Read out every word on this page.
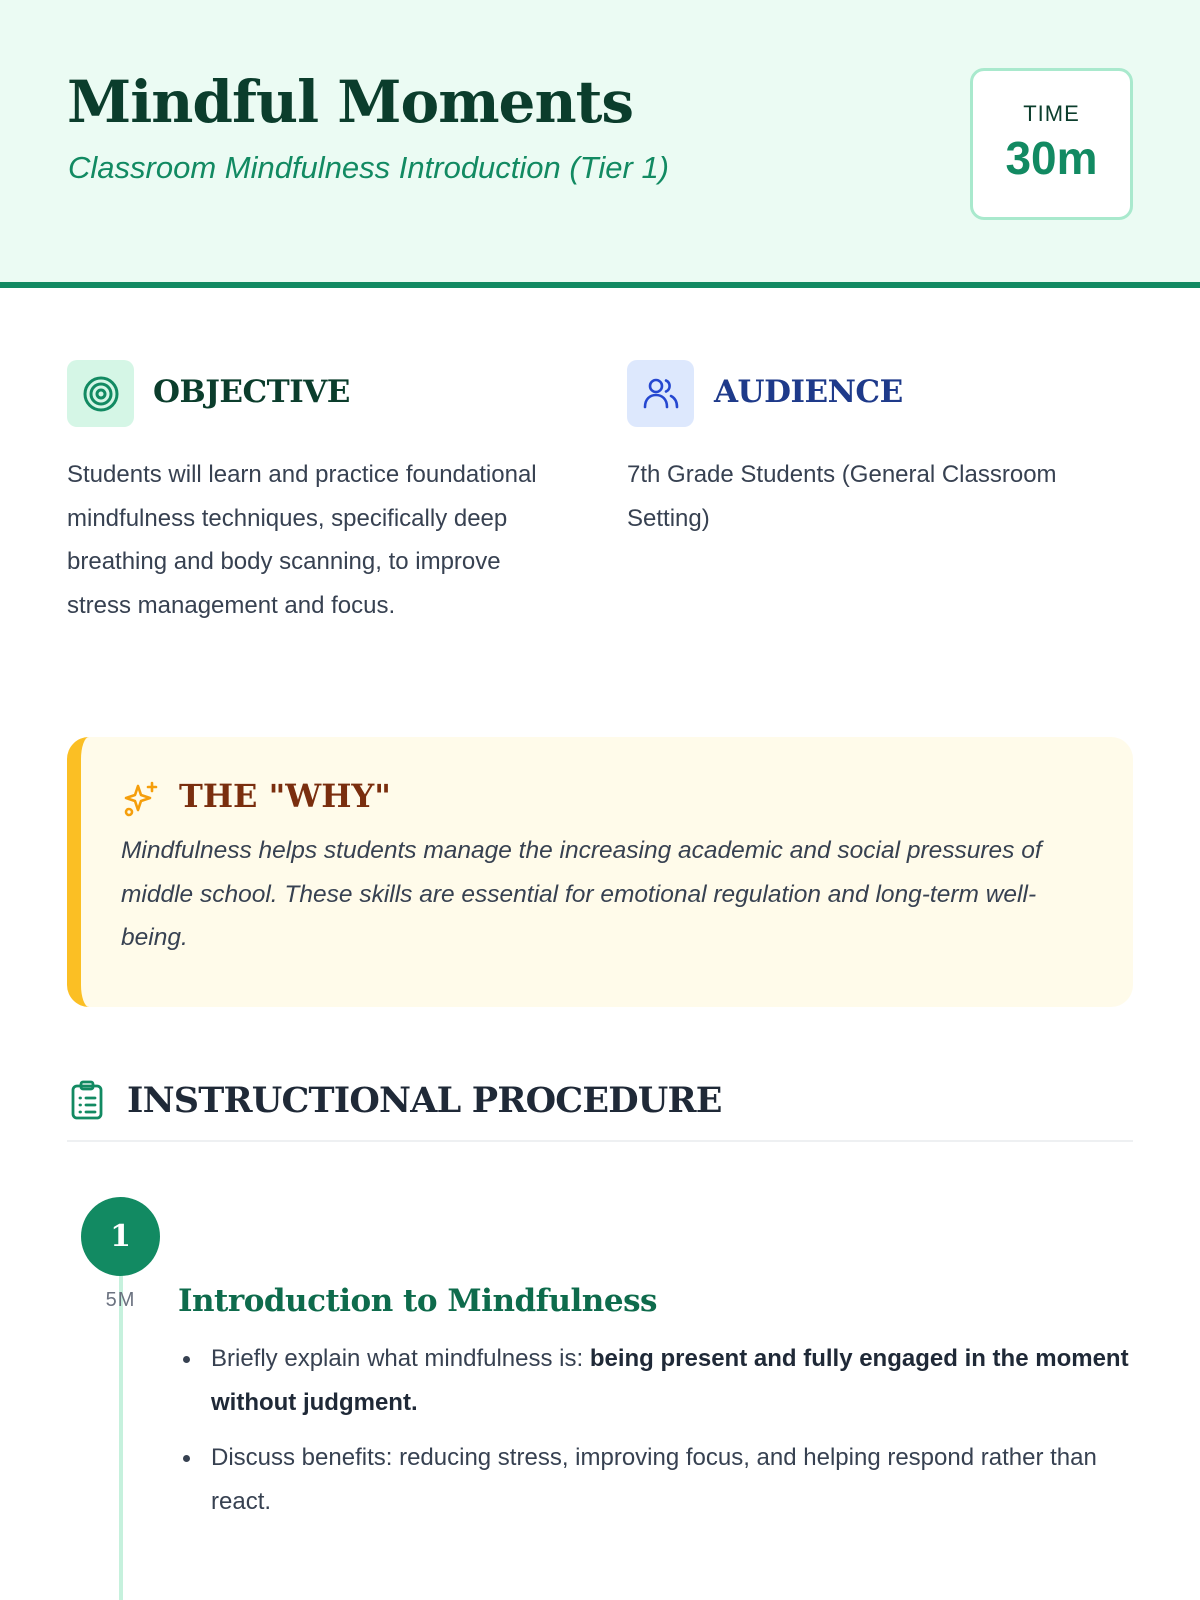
Mindful Moments
Classroom Mindfulness Introduction (Tier 1)
TIME
30m
OBJECTIVE

Students will learn and practice foundational mindfulness techniques, specifically deep breathing and body scanning, to improve stress management and focus.

AUDIENCE

7th Grade Students (General Classroom Setting)

THE "WHY"

Mindfulness helps students manage the increasing academic and social pressures of middle school. These skills are essential for emotional regulation and long-term well-being.

INSTRUCTIONAL PROCEDURE
1
5M	Introduction to Mindfulness
Briefly explain what mindfulness is: being present and fully engaged in the moment without judgment.
Discuss benefits: reducing stress, improving focus, and helping respond rather than react.
